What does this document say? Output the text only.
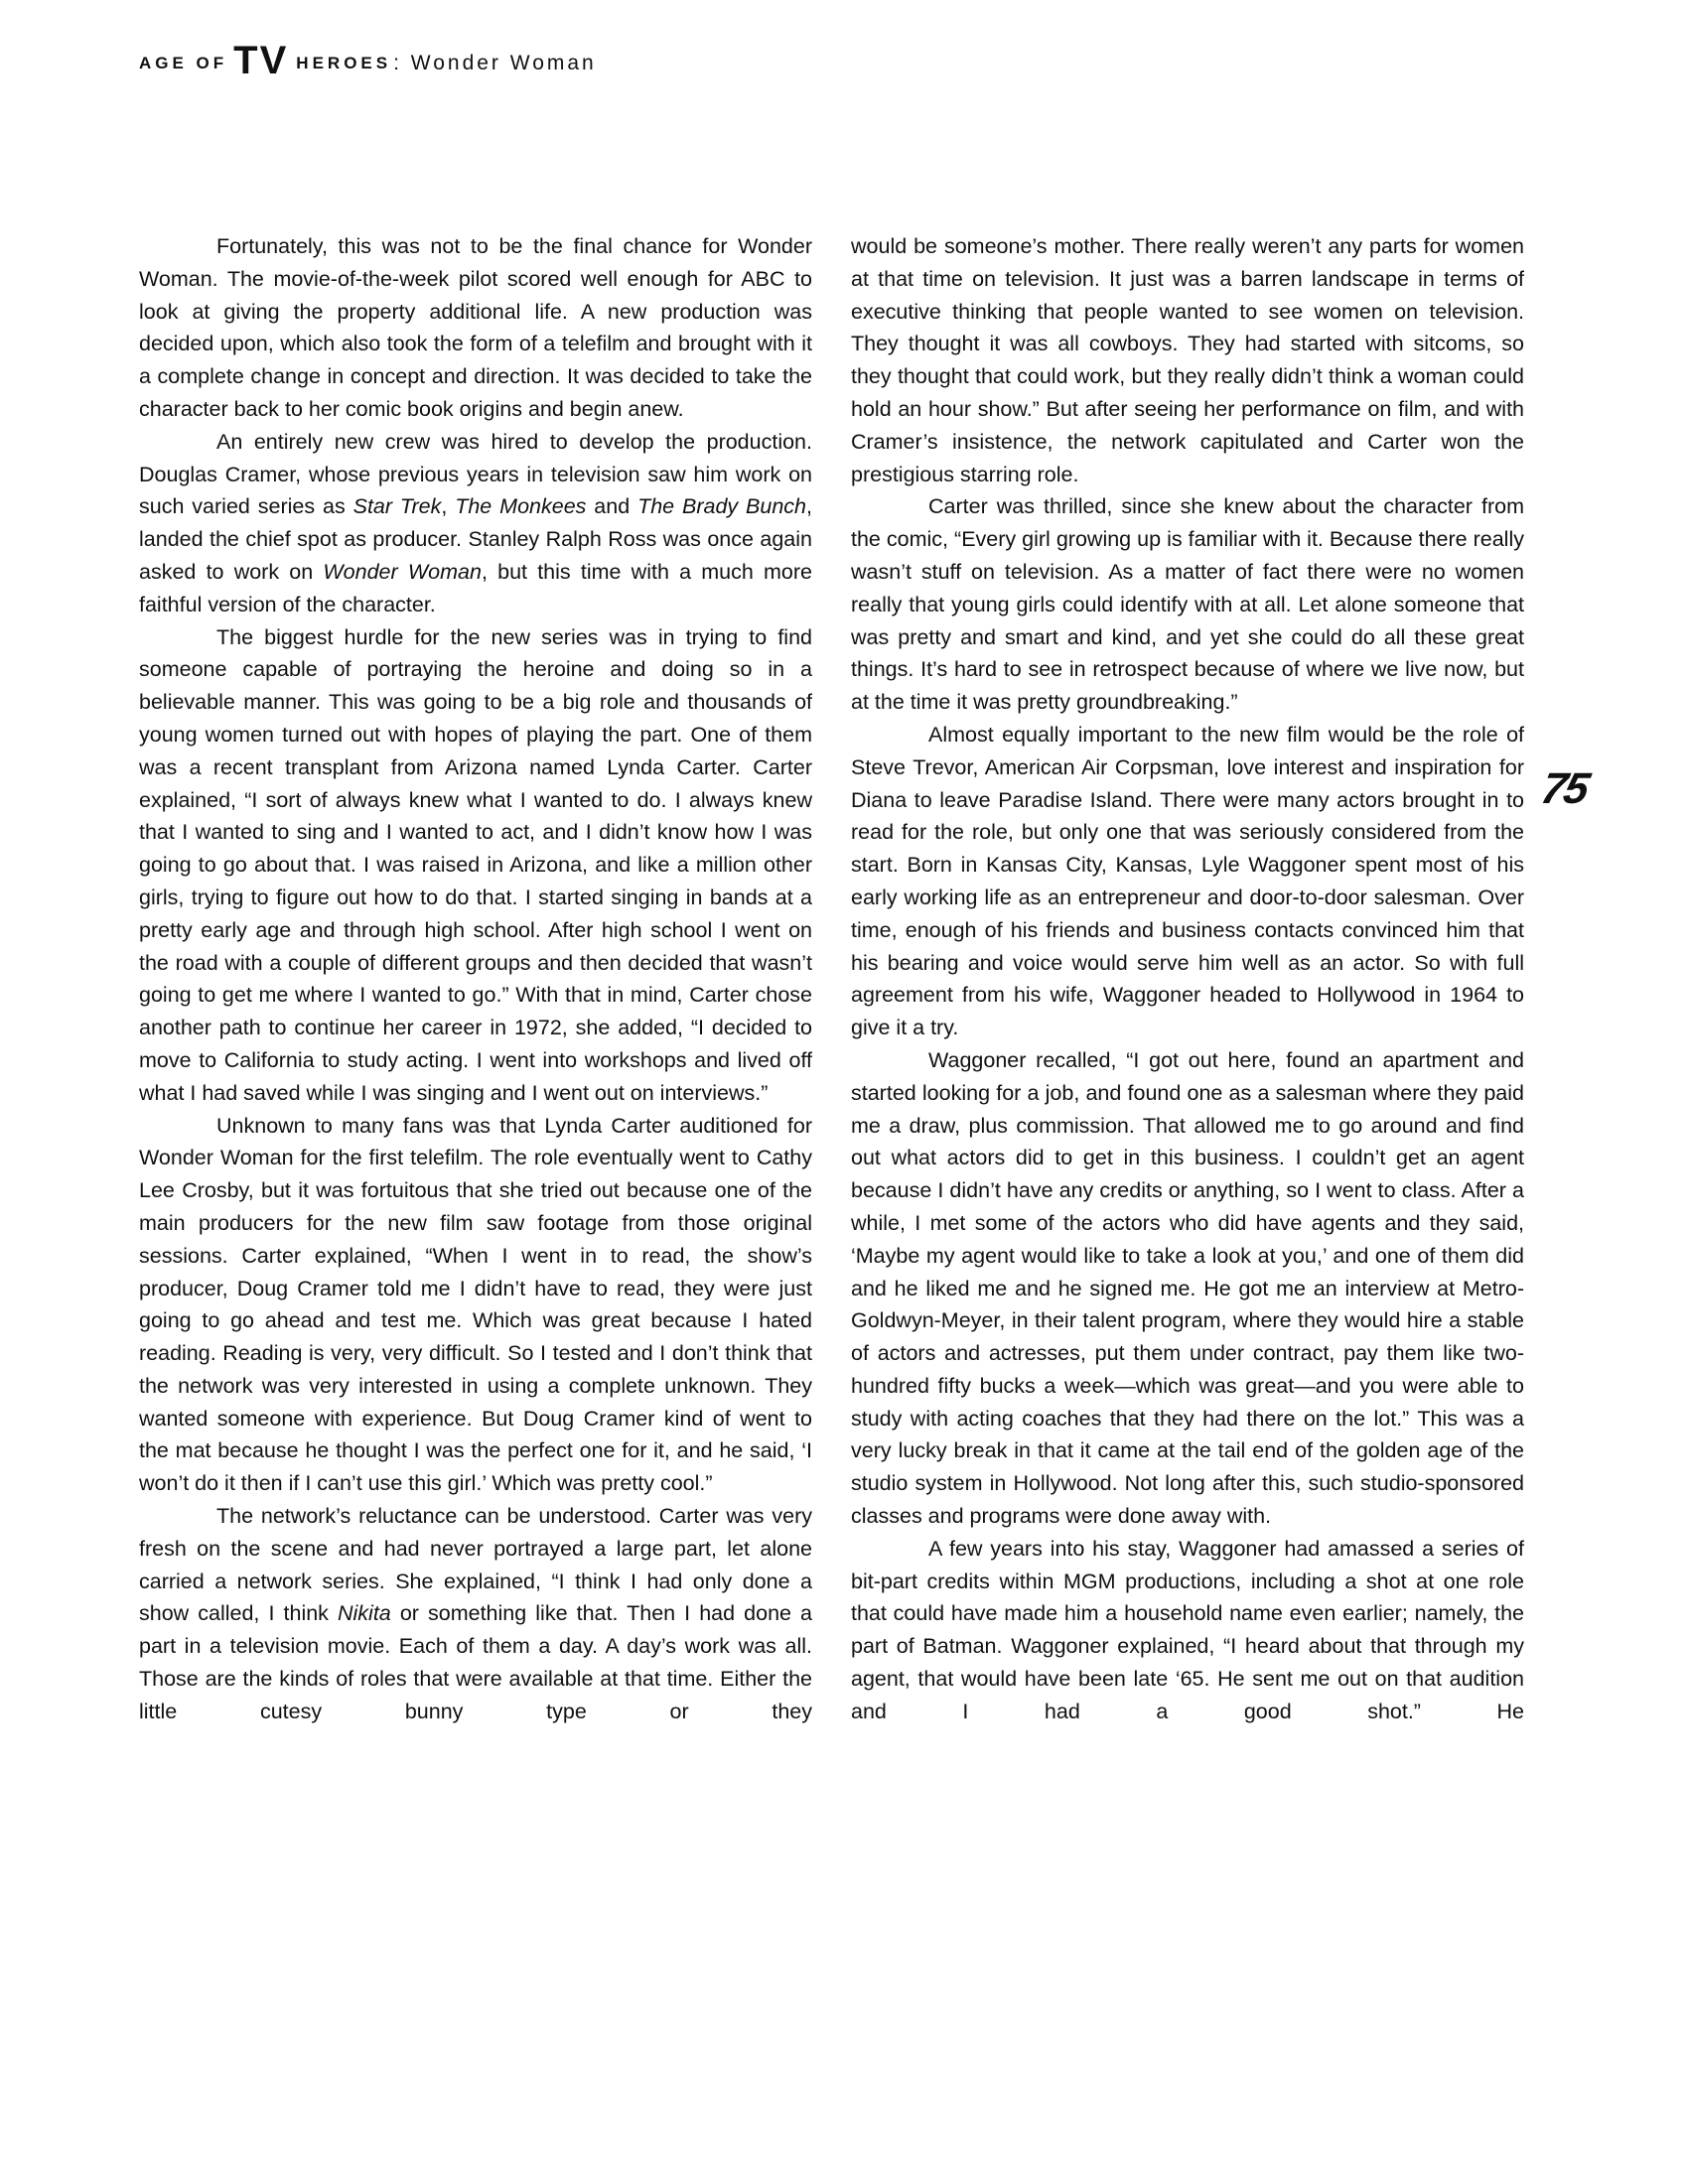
AGE OF TV HEROES : Wonder Woman

Fortunately, this was not to be the final chance for Wonder Woman. The movie-of-the-week pilot scored well enough for ABC to look at giving the property additional life. A new production was decided upon, which also took the form of a telefilm and brought with it a complete change in concept and direction. It was decided to take the character back to her comic book origins and begin anew.

An entirely new crew was hired to develop the production. Douglas Cramer, whose previous years in television saw him work on such varied series as Star Trek, The Monkees and The Brady Bunch, landed the chief spot as producer. Stanley Ralph Ross was once again asked to work on Wonder Woman, but this time with a much more faithful version of the character.

The biggest hurdle for the new series was in trying to find someone capable of portraying the heroine and doing so in a believable manner. This was going to be a big role and thousands of young women turned out with hopes of playing the part. One of them was a recent transplant from Arizona named Lynda Carter. Carter explained, “I sort of always knew what I wanted to do. I always knew that I wanted to sing and I wanted to act, and I didn’t know how I was going to go about that. I was raised in Arizona, and like a million other girls, trying to figure out how to do that. I started singing in bands at a pretty early age and through high school. After high school I went on the road with a couple of different groups and then decided that wasn’t going to get me where I wanted to go.” With that in mind, Carter chose another path to continue her career in 1972, she added, “I decided to move to California to study acting. I went into workshops and lived off what I had saved while I was singing and I went out on interviews.”

Unknown to many fans was that Lynda Carter auditioned for Wonder Woman for the first telefilm. The role eventually went to Cathy Lee Crosby, but it was fortuitous that she tried out because one of the main producers for the new film saw footage from those original sessions. Carter explained, “When I went in to read, the show’s producer, Doug Cramer told me I didn’t have to read, they were just going to go ahead and test me. Which was great because I hated reading. Reading is very, very difficult. So I tested and I don’t think that the network was very interested in using a complete unknown. They wanted someone with experience. But Doug Cramer kind of went to the mat because he thought I was the perfect one for it, and he said, ‘I won’t do it then if I can’t use this girl.’ Which was pretty cool.”

The network’s reluctance can be understood. Carter was very fresh on the scene and had never portrayed a large part, let alone carried a network series. She explained, “I think I had only done a show called, I think Nikita or something like that. Then I had done a part in a television movie. Each of them a day. A day’s work was all. Those are the kinds of roles that were available at that time. Either the little cutesy bunny type or they

would be someone’s mother. There really weren’t any parts for women at that time on television. It just was a barren landscape in terms of executive thinking that people wanted to see women on television. They thought it was all cowboys. They had started with sitcoms, so they thought that could work, but they really didn’t think a woman could hold an hour show.” But after seeing her performance on film, and with Cramer’s insistence, the network capitulated and Carter won the prestigious starring role.

Carter was thrilled, since she knew about the character from the comic, “Every girl growing up is familiar with it. Because there really wasn’t stuff on television. As a matter of fact there were no women really that young girls could identify with at all. Let alone someone that was pretty and smart and kind, and yet she could do all these great things. It’s hard to see in retrospect because of where we live now, but at the time it was pretty groundbreaking.”

Almost equally important to the new film would be the role of Steve Trevor, American Air Corpsman, love interest and inspiration for Diana to leave Paradise Island. There were many actors brought in to read for the role, but only one that was seriously considered from the start. Born in Kansas City, Kansas, Lyle Waggoner spent most of his early working life as an entrepreneur and door-to-door salesman. Over time, enough of his friends and business contacts convinced him that his bearing and voice would serve him well as an actor. So with full agreement from his wife, Waggoner headed to Hollywood in 1964 to give it a try.

Waggoner recalled, “I got out here, found an apartment and started looking for a job, and found one as a salesman where they paid me a draw, plus commission. That allowed me to go around and find out what actors did to get in this business. I couldn’t get an agent because I didn’t have any credits or anything, so I went to class. After a while, I met some of the actors who did have agents and they said, ‘Maybe my agent would like to take a look at you,’ and one of them did and he liked me and he signed me. He got me an interview at Metro-Goldwyn-Meyer, in their talent program, where they would hire a stable of actors and actresses, put them under contract, pay them like two-hundred fifty bucks a week—which was great—and you were able to study with acting coaches that they had there on the lot.” This was a very lucky break in that it came at the tail end of the golden age of the studio system in Hollywood. Not long after this, such studio-sponsored classes and programs were done away with.

A few years into his stay, Waggoner had amassed a series of bit-part credits within MGM productions, including a shot at one role that could have made him a household name even earlier; namely, the part of Batman. Waggoner explained, “I heard about that through my agent, that would have been late ‘65. He sent me out on that audition and I had a good shot.” He

75
